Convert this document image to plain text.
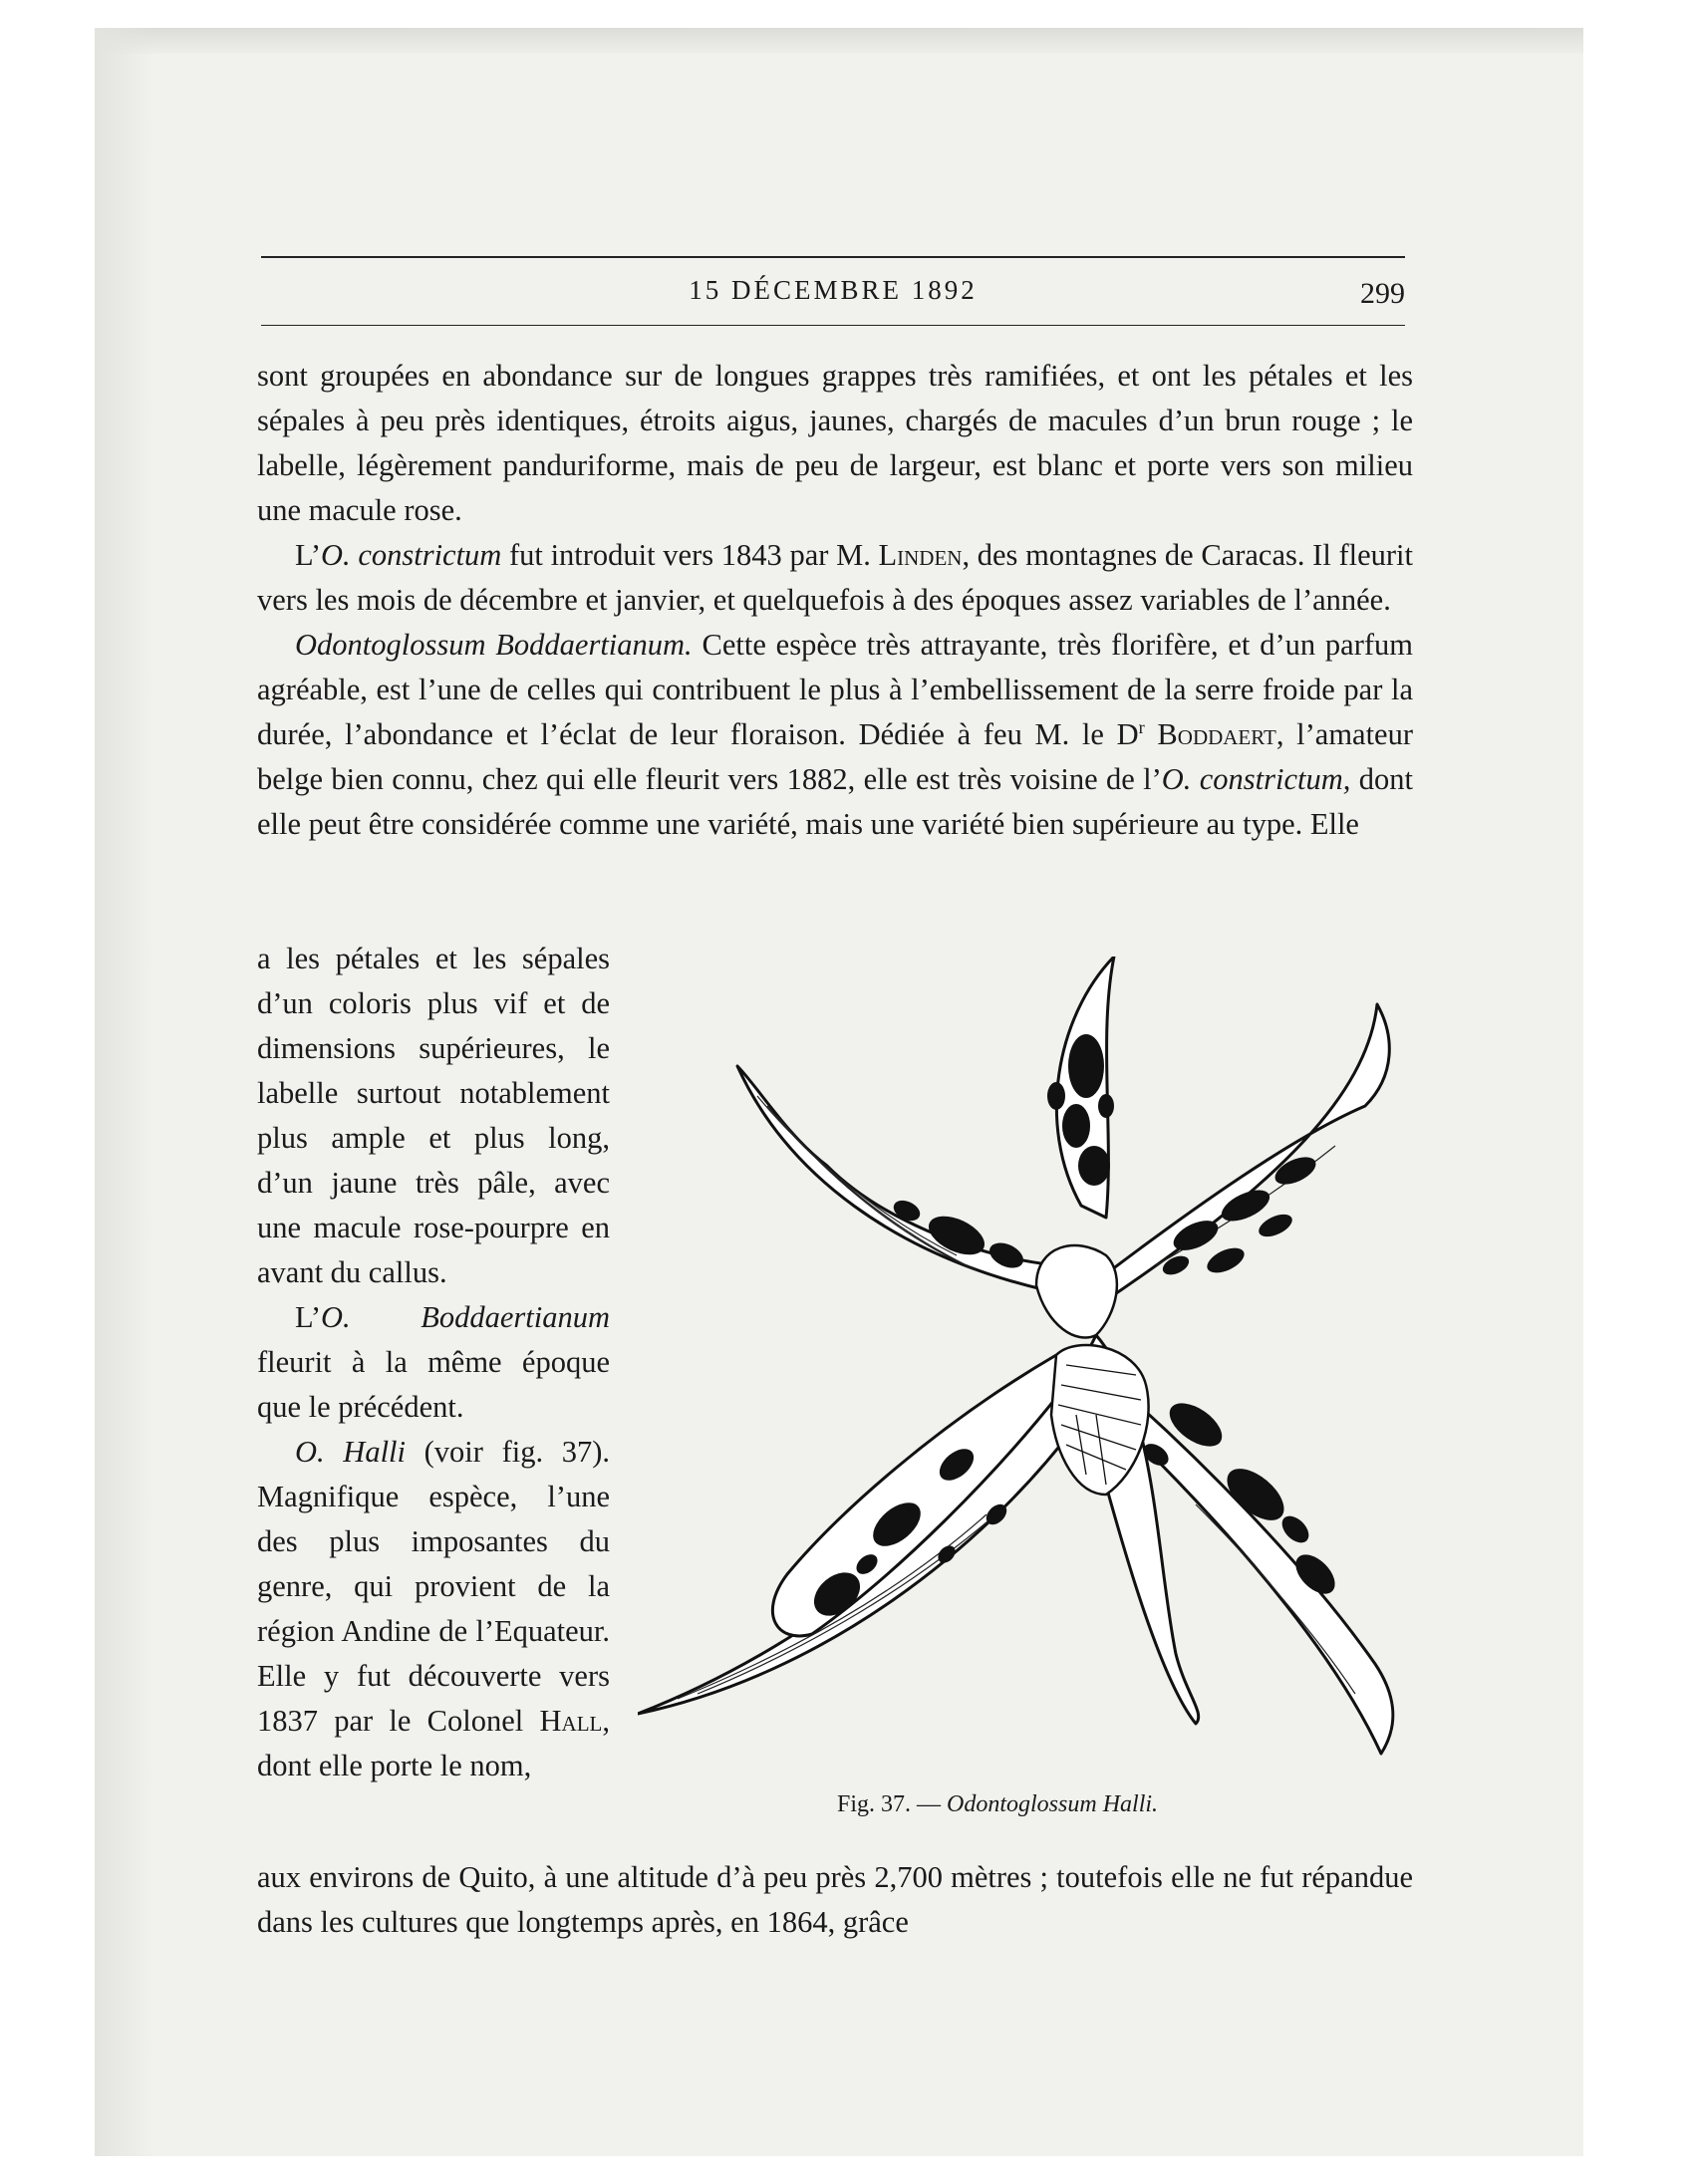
15 DÉCEMBRE 1892	299

sont groupées en abondance sur de longues grappes très ramifiées, et ont les pétales et les sépales à peu près identiques, étroits aigus, jaunes, chargés de macules d’un brun rouge ; le labelle, légèrement panduriforme, mais de peu de largeur, est blanc et porte vers son milieu une macule rose.

L’O. constrictum fut introduit vers 1843 par M. Linden, des montagnes de Caracas. Il fleurit vers les mois de décembre et janvier, et quelquefois à des époques assez variables de l’année.

Odontoglossum Boddaertianum. Cette espèce très attrayante, très florifère, et d’un parfum agréable, est l’une de celles qui contribuent le plus à l’embellissement de la serre froide par la durée, l’abondance et l’éclat de leur floraison. Dédiée à feu M. le $D^r$ Boddaert, l’amateur belge bien connu, chez qui elle fleurit vers 1882, elle est très voisine de l’O. constrictum, dont elle peut être considérée comme une variété, mais une variété bien supérieure au type. Elle

a les pétales et les sépales d’un coloris plus vif et de dimensions supérieures, le labelle surtout notablement plus ample et plus long, d’un jaune très pâle, avec une macule rose-pourpre en avant du callus.

L’O. Boddaertianum fleurit à la même époque que le précédent.

O. Halli (voir fig. 37). Magnifique espèce, l’une des plus imposantes du genre, qui provient de la région Andine de l’Equateur. Elle y fut découverte vers 1837 par le Colonel Hall, dont elle porte le nom,

Fig. 37. — Odontoglossum Halli.

aux environs de Quito, à une altitude d’à peu près 2,700 mètres ; toutefois elle ne fut répandue dans les cultures que longtemps après, en 1864, grâce
